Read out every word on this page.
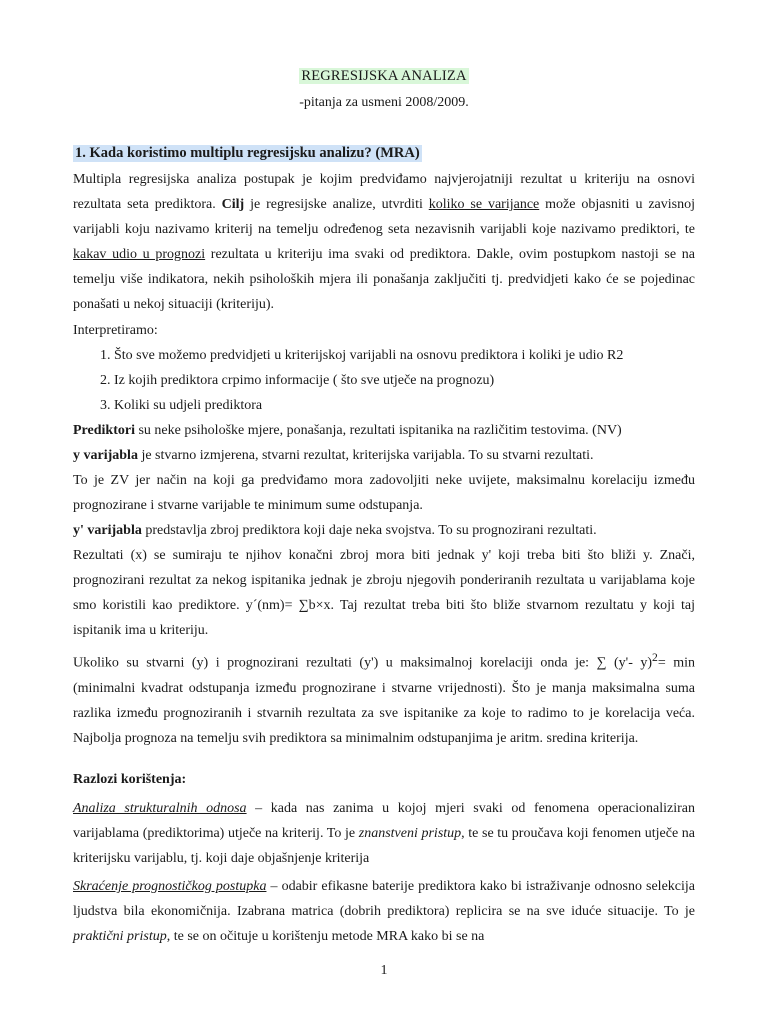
REGRESIJSKA ANALIZA
-pitanja za usmeni 2008/2009.
1. Kada koristimo multiplu regresijsku analizu? (MRA)
Multipla regresijska analiza postupak je kojim predviđamo najvjerojatniji rezultat u kriteriju na osnovi rezultata seta prediktora. Cilj je regresijske analize, utvrditi koliko se varijance može objasniti u zavisnoj varijabli koju nazivamo kriterij na temelju određenog seta nezavisnih varijabli koje nazivamo prediktori, te kakav udio u prognozi rezultata u kriteriju ima svaki od prediktora. Dakle, ovim postupkom nastoji se na temelju više indikatora, nekih psiholoških mjera ili ponašanja zaključiti tj. predvidjeti kako će se pojedinac ponašati u nekoj situaciji (kriteriju).
Interpretiramo:
1. Što sve možemo predvidjeti u kriterijskoj varijabli na osnovu prediktora i koliki je udio R2
2. Iz kojih prediktora crpimo informacije ( što sve utječe na prognozu)
3. Koliki su udjeli prediktora
Prediktori su neke psihološke mjere, ponašanja, rezultati ispitanika na različitim testovima. (NV)
y varijabla je stvarno izmjerena, stvarni rezultat, kriterijska varijabla. To su stvarni rezultati.
To je ZV jer način na koji ga predviđamo mora zadovoljiti neke uvijete, maksimalnu korelaciju između prognozirane i stvarne varijable te minimum sume odstupanja.
y' varijabla predstavlja zbroj prediktora koji daje neka svojstva. To su prognozirani rezultati.
Rezultati (x) se sumiraju te njihov konačni zbroj mora biti jednak y' koji treba biti što bliži y. Znači, prognozirani rezultat za nekog ispitanika jednak je zbroju njegovih ponderiranih rezultata u varijablama koje smo koristili kao prediktore. y´(nm)= ∑b×x. Taj rezultat treba biti što bliže stvarnom rezultatu y koji taj ispitanik ima u kriteriju.
Ukoliko su stvarni (y) i prognozirani rezultati (y') u maksimalnoj korelaciji onda je: ∑ (y'- y)$^2$= min (minimalni kvadrat odstupanja između prognozirane i stvarne vrijednosti). Što je manja maksimalna suma razlika između prognoziranih i stvarnih rezultata za sve ispitanike za koje to radimo to je korelacija veća. Najbolja prognoza na temelju svih prediktora sa minimalnim odstupanjima je aritm. sredina kriterija.
Razlozi korištenja:
Analiza strukturalnih odnosa – kada nas zanima u kojoj mjeri svaki od fenomena operacionaliziran varijablama (prediktorima) utječe na kriterij. To je znanstveni pristup, te se tu proučava koji fenomen utječe na kriterijsku varijablu, tj. koji daje objašnjenje kriterija
Skraćenje prognostičkog postupka – odabir efikasne baterije prediktora kako bi istraživanje odnosno selekcija ljudstva bila ekonomičnija. Izabrana matrica (dobrih prediktora) replicira se na sve iduće situacije. To je praktični pristup, te se on očituje u korištenju metode MRA kako bi se na
1
